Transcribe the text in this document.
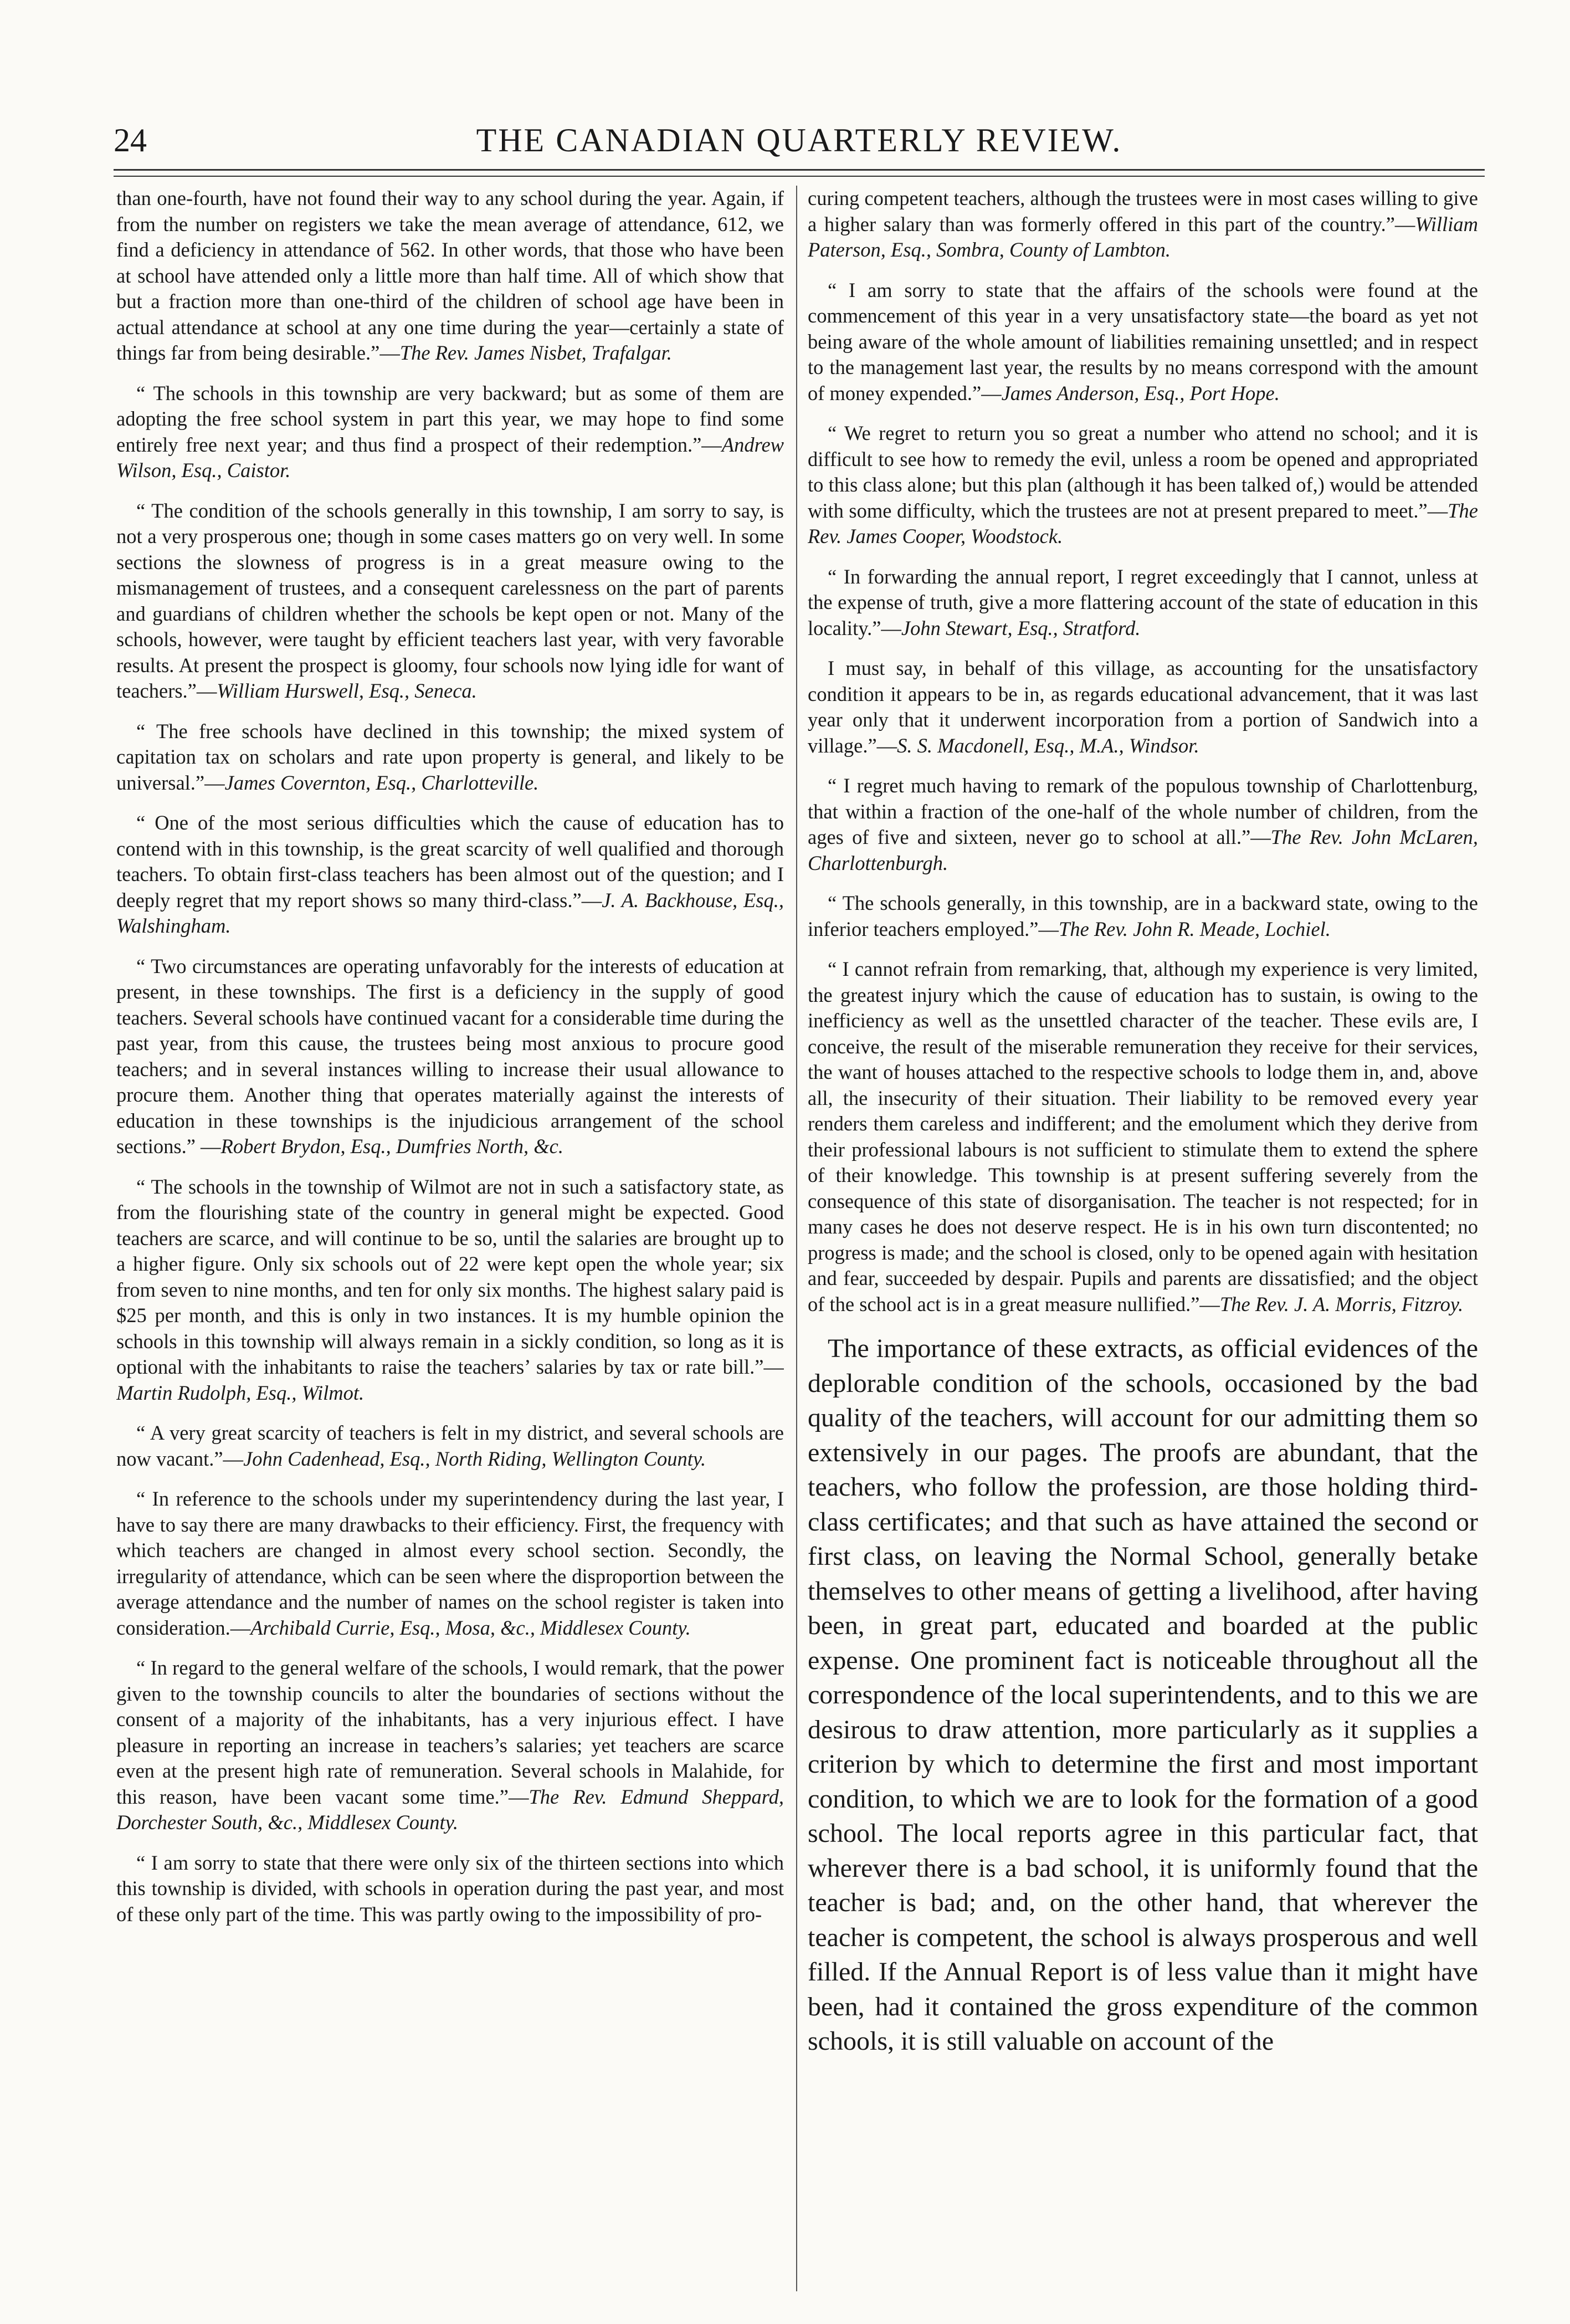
24	THE CANADIAN QUARTERLY REVIEW.

than one-fourth, have not found their way to any school during the year. Again, if from the number on registers we take the mean average of attendance, 612, we find a deficiency in attendance of 562. In other words, that those who have been at school have attended only a little more than half time. All of which show that but a fraction more than one-third of the children of school age have been in actual attendance at school at any one time during the year—certainly a state of things far from being desirable.”—The Rev. James Nisbet, Trafalgar.

“ The schools in this township are very backward; but as some of them are adopting the free school system in part this year, we may hope to find some entirely free next year; and thus find a prospect of their redemption.”—Andrew Wilson, Esq., Caistor.

“ The condition of the schools generally in this township, I am sorry to say, is not a very prosperous one; though in some cases matters go on very well. In some sections the slowness of progress is in a great measure owing to the mismanagement of trustees, and a consequent carelessness on the part of parents and guardians of children whether the schools be kept open or not. Many of the schools, however, were taught by efficient teachers last year, with very favorable results. At present the prospect is gloomy, four schools now lying idle for want of teachers.”—William Hurswell, Esq., Seneca.

“ The free schools have declined in this township; the mixed system of capitation tax on scholars and rate upon property is general, and likely to be universal.”—James Covernton, Esq., Charlotteville.

“ One of the most serious difficulties which the cause of education has to contend with in this township, is the great scarcity of well qualified and thorough teachers. To obtain first-class teachers has been almost out of the question; and I deeply regret that my report shows so many third-class.”—J. A. Backhouse, Esq., Walshingham.

“ Two circumstances are operating unfavorably for the interests of education at present, in these townships. The first is a deficiency in the supply of good teachers. Several schools have continued vacant for a considerable time during the past year, from this cause, the trustees being most anxious to procure good teachers; and in several instances willing to increase their usual allowance to procure them. Another thing that operates materially against the interests of education in these townships is the injudicious arrangement of the school sections.” —Robert Brydon, Esq., Dumfries North, &c.

“ The schools in the township of Wilmot are not in such a satisfactory state, as from the flourishing state of the country in general might be expected. Good teachers are scarce, and will continue to be so, until the salaries are brought up to a higher figure. Only six schools out of 22 were kept open the whole year; six from seven to nine months, and ten for only six months. The highest salary paid is $25 per month, and this is only in two instances. It is my humble opinion the schools in this township will always remain in a sickly condition, so long as it is optional with the inhabitants to raise the teachers’ salaries by tax or rate bill.”—Martin Rudolph, Esq., Wilmot.

“ A very great scarcity of teachers is felt in my district, and several schools are now vacant.”—John Cadenhead, Esq., North Riding, Wellington County.

“ In reference to the schools under my superintendency during the last year, I have to say there are many drawbacks to their efficiency. First, the frequency with which teachers are changed in almost every school section. Secondly, the irregularity of attendance, which can be seen where the disproportion between the average attendance and the number of names on the school register is taken into consideration.—Archibald Currie, Esq., Mosa, &c., Middlesex County.

“ In regard to the general welfare of the schools, I would remark, that the power given to the township councils to alter the boundaries of sections without the consent of a majority of the inhabitants, has a very injurious effect. I have pleasure in reporting an increase in teachers’s salaries; yet teachers are scarce even at the present high rate of remuneration. Several schools in Malahide, for this reason, have been vacant some time.”—The Rev. Edmund Sheppard, Dorchester South, &c., Middlesex County.

“ I am sorry to state that there were only six of the thirteen sections into which this township is divided, with schools in operation during the past year, and most of these only part of the time. This was partly owing to the impossibility of pro-

curing competent teachers, although the trustees were in most cases willing to give a higher salary than was formerly offered in this part of the country.”—William Paterson, Esq., Sombra, County of Lambton.

“ I am sorry to state that the affairs of the schools were found at the commencement of this year in a very unsatisfactory state—the board as yet not being aware of the whole amount of liabilities remaining unsettled; and in respect to the management last year, the results by no means correspond with the amount of money expended.”—James Anderson, Esq., Port Hope.

“ We regret to return you so great a number who attend no school; and it is difficult to see how to remedy the evil, unless a room be opened and appropriated to this class alone; but this plan (although it has been talked of,) would be attended with some difficulty, which the trustees are not at present prepared to meet.”—The Rev. James Cooper, Woodstock.

“ In forwarding the annual report, I regret exceedingly that I cannot, unless at the expense of truth, give a more flattering account of the state of education in this locality.”—John Stewart, Esq., Stratford.

I must say, in behalf of this village, as accounting for the unsatisfactory condition it appears to be in, as regards educational advancement, that it was last year only that it underwent incorporation from a portion of Sandwich into a village.”—S. S. Macdonell, Esq., M.A., Windsor.

“ I regret much having to remark of the populous township of Charlottenburg, that within a fraction of the one-half of the whole number of children, from the ages of five and sixteen, never go to school at all.”—The Rev. John McLaren, Charlottenburgh.

“ The schools generally, in this township, are in a backward state, owing to the inferior teachers employed.”—The Rev. John R. Meade, Lochiel.

“ I cannot refrain from remarking, that, although my experience is very limited, the greatest injury which the cause of education has to sustain, is owing to the inefficiency as well as the unsettled character of the teacher. These evils are, I conceive, the result of the miserable remuneration they receive for their services, the want of houses attached to the respective schools to lodge them in, and, above all, the insecurity of their situation. Their liability to be removed every year renders them careless and indifferent; and the emolument which they derive from their professional labours is not sufficient to stimulate them to extend the sphere of their knowledge. This township is at present suffering severely from the consequence of this state of disorganisation. The teacher is not respected; for in many cases he does not deserve respect. He is in his own turn discontented; no progress is made; and the school is closed, only to be opened again with hesitation and fear, succeeded by despair. Pupils and parents are dissatisfied; and the object of the school act is in a great measure nullified.”—The Rev. J. A. Morris, Fitzroy.

The importance of these extracts, as official evidences of the deplorable condition of the schools, occasioned by the bad quality of the teachers, will account for our admitting them so extensively in our pages. The proofs are abundant, that the teachers, who follow the profession, are those holding third-class certificates; and that such as have attained the second or first class, on leaving the Normal School, generally betake themselves to other means of getting a livelihood, after having been, in great part, educated and boarded at the public expense. One prominent fact is noticeable throughout all the correspondence of the local superintendents, and to this we are desirous to draw attention, more particularly as it supplies a criterion by which to determine the first and most important condition, to which we are to look for the formation of a good school. The local reports agree in this particular fact, that wherever there is a bad school, it is uniformly found that the teacher is bad; and, on the other hand, that wherever the teacher is competent, the school is always prosperous and well filled. If the Annual Report is of less value than it might have been, had it contained the gross expenditure of the common schools, it is still valuable on account of the
